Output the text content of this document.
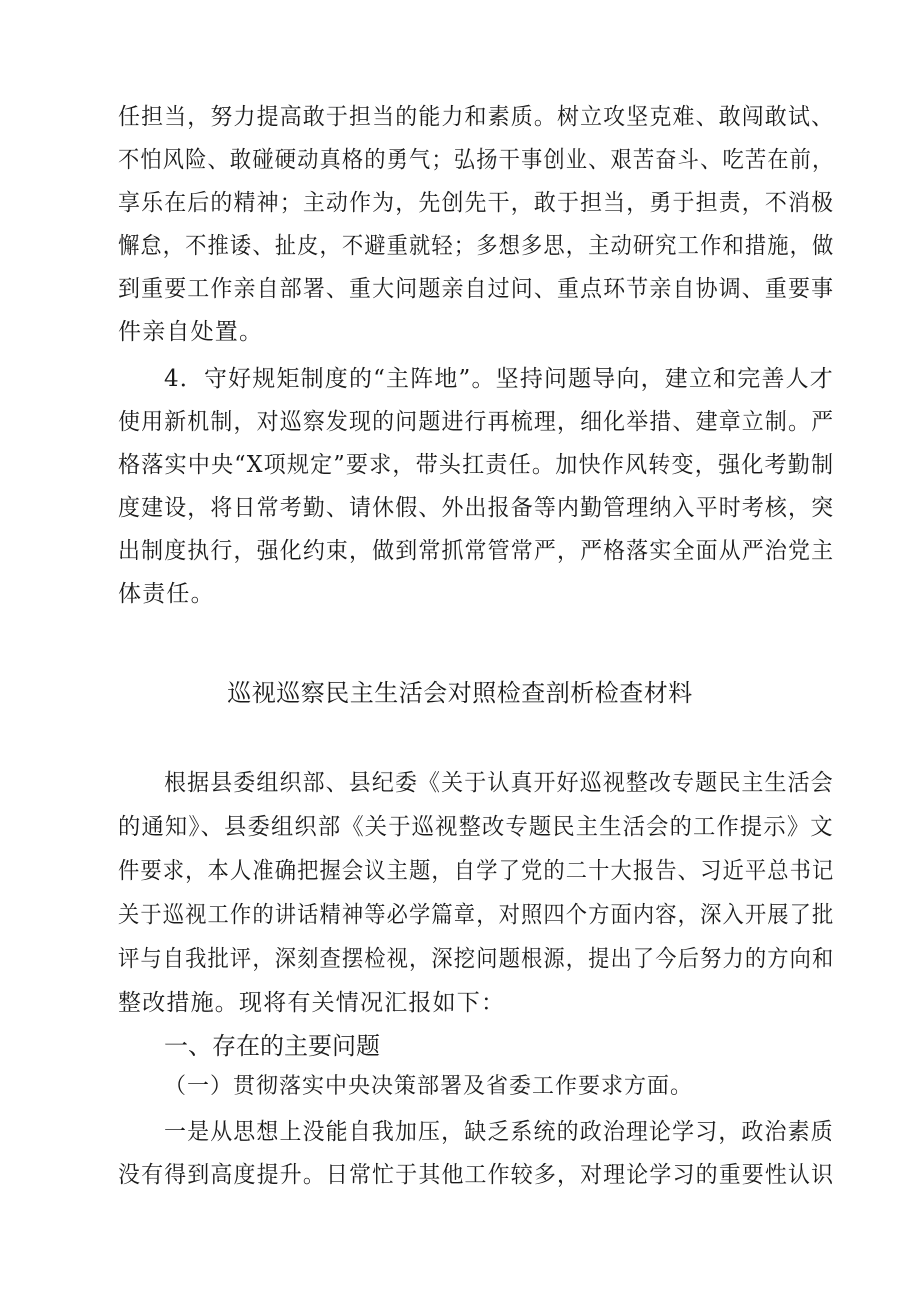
任担当，努力提高敢于担当的能力和素质。树立攻坚克难、敢闯敢试、
不怕风险、敢碰硬动真格的勇气；弘扬干事创业、艰苦奋斗、吃苦在前，
享乐在后的精神；主动作为，先创先干，敢于担当，勇于担责，不消极
懈怠，不推诿、扯皮，不避重就轻；多想多思，主动研究工作和措施，做
到重要工作亲自部署、重大问题亲自过问、重点环节亲自协调、重要事
件亲自处置。
4．守好规矩制度的“主阵地”。坚持问题导向，建立和完善人才
使用新机制，对巡察发现的问题进行再梳理，细化举措、建章立制。严
格落实中央“X项规定”要求，带头扛责任。加快作风转变，强化考勤制
度建设，将日常考勤、请休假、外出报备等内勤管理纳入平时考核，突
出制度执行，强化约束，做到常抓常管常严，严格落实全面从严治党主
体责任。
巡视巡察民主生活会对照检查剖析检查材料
根据县委组织部、县纪委《关于认真开好巡视整改专题民主生活会
的通知》、县委组织部《关于巡视整改专题民主生活会的工作提示》文
件要求，本人准确把握会议主题，自学了党的二十大报告、习近平总书记
关于巡视工作的讲话精神等必学篇章，对照四个方面内容，深入开展了批
评与自我批评，深刻查摆检视，深挖问题根源，提出了今后努力的方向和
整改措施。现将有关情况汇报如下：
一、存在的主要问题
（一）贯彻落实中央决策部署及省委工作要求方面。
一是从思想上没能自我加压，缺乏系统的政治理论学习，政治素质
没有得到高度提升。日常忙于其他工作较多，对理论学习的重要性认识
